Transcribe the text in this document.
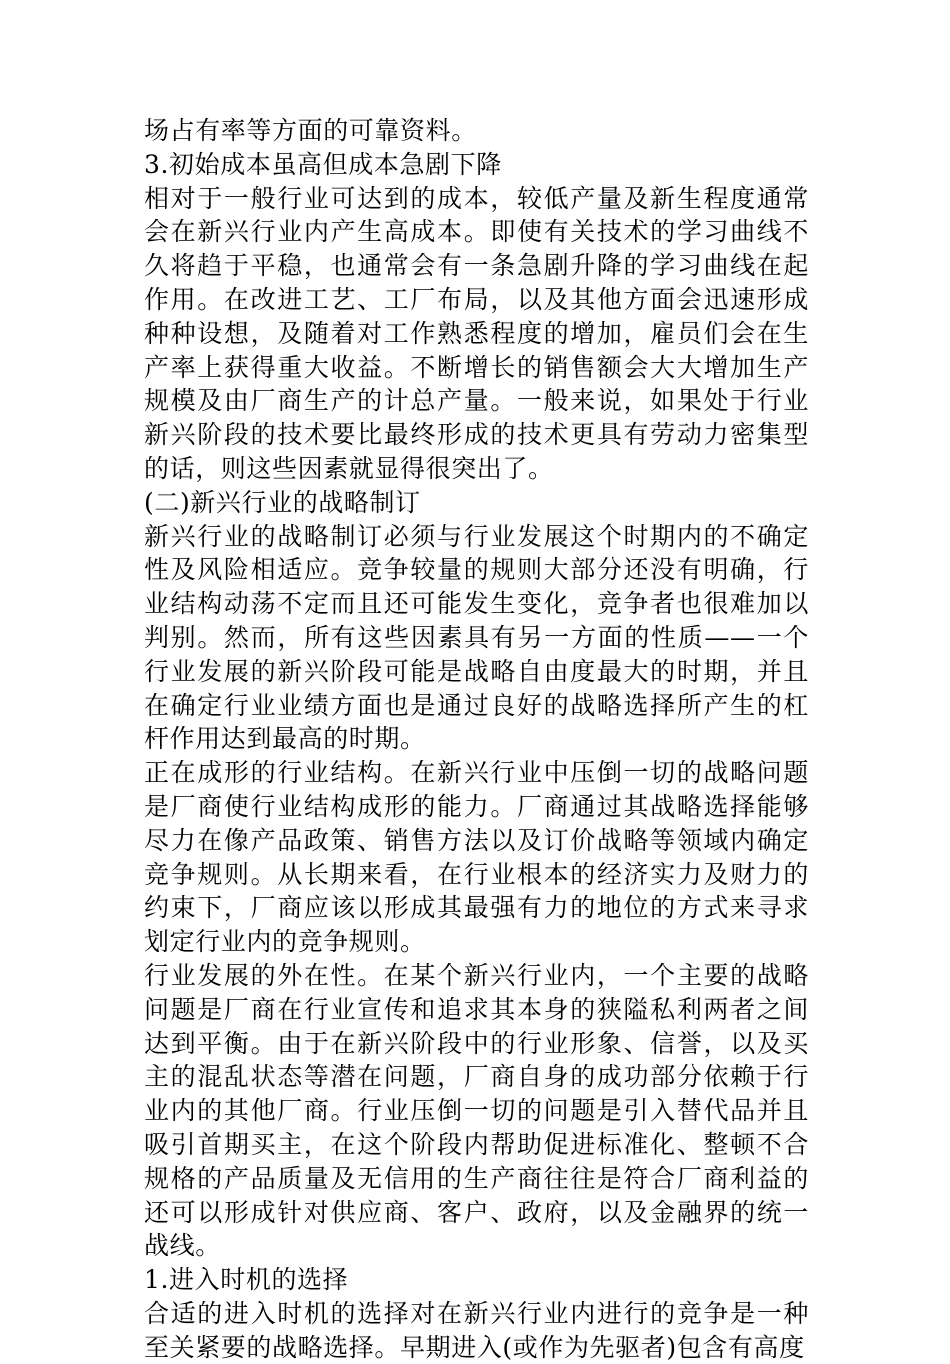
场占有率等方面的可靠资料。

3.初始成本虽高但成本急剧下降

相对于一般行业可达到的成本，较低产量及新生程度通常会在新兴行业内产生高成本。即使有关技术的学习曲线不久将趋于平稳，也通常会有一条急剧升降的学习曲线在起作用。在改进工艺、工厂布局，以及其他方面会迅速形成种种设想，及随着对工作熟悉程度的增加，雇员们会在生产率上获得重大收益。不断增长的销售额会大大增加生产规模及由厂商生产的计总产量。一般来说，如果处于行业新兴阶段的技术要比最终形成的技术更具有劳动力密集型的话，则这些因素就显得很突出了。

(二)新兴行业的战略制订

新兴行业的战略制订必须与行业发展这个时期内的不确定性及风险相适应。竞争较量的规则大部分还没有明确，行业结构动荡不定而且还可能发生变化，竞争者也很难加以判别。然而，所有这些因素具有另一方面的性质——一个行业发展的新兴阶段可能是战略自由度最大的时期，并且在确定行业业绩方面也是通过良好的战略选择所产生的杠杆作用达到最高的时期。

正在成形的行业结构。在新兴行业中压倒一切的战略问题是厂商使行业结构成形的能力。厂商通过其战略选择能够尽力在像产品政策、销售方法以及订价战略等领域内确定竞争规则。从长期来看，在行业根本的经济实力及财力的约束下，厂商应该以形成其最强有力的地位的方式来寻求划定行业内的竞争规则。

行业发展的外在性。在某个新兴行业内，一个主要的战略问题是厂商在行业宣传和追求其本身的狭隘私利两者之间达到平衡。由于在新兴阶段中的行业形象、信誉，以及买主的混乱状态等潜在问题，厂商自身的成功部分依赖于行业内的其他厂商。行业压倒一切的问题是引入替代品并且吸引首期买主，在这个阶段内帮助促进标准化、整顿不合规格的产品质量及无信用的生产商往往是符合厂商利益的还可以形成针对供应商、客户、政府，以及金融界的统一战线。

1.进入时机的选择

合适的进入时机的选择对在新兴行业内进行的竞争是一种至关紧要的战略选择。早期进入(或作为先驱者)包含有高度
